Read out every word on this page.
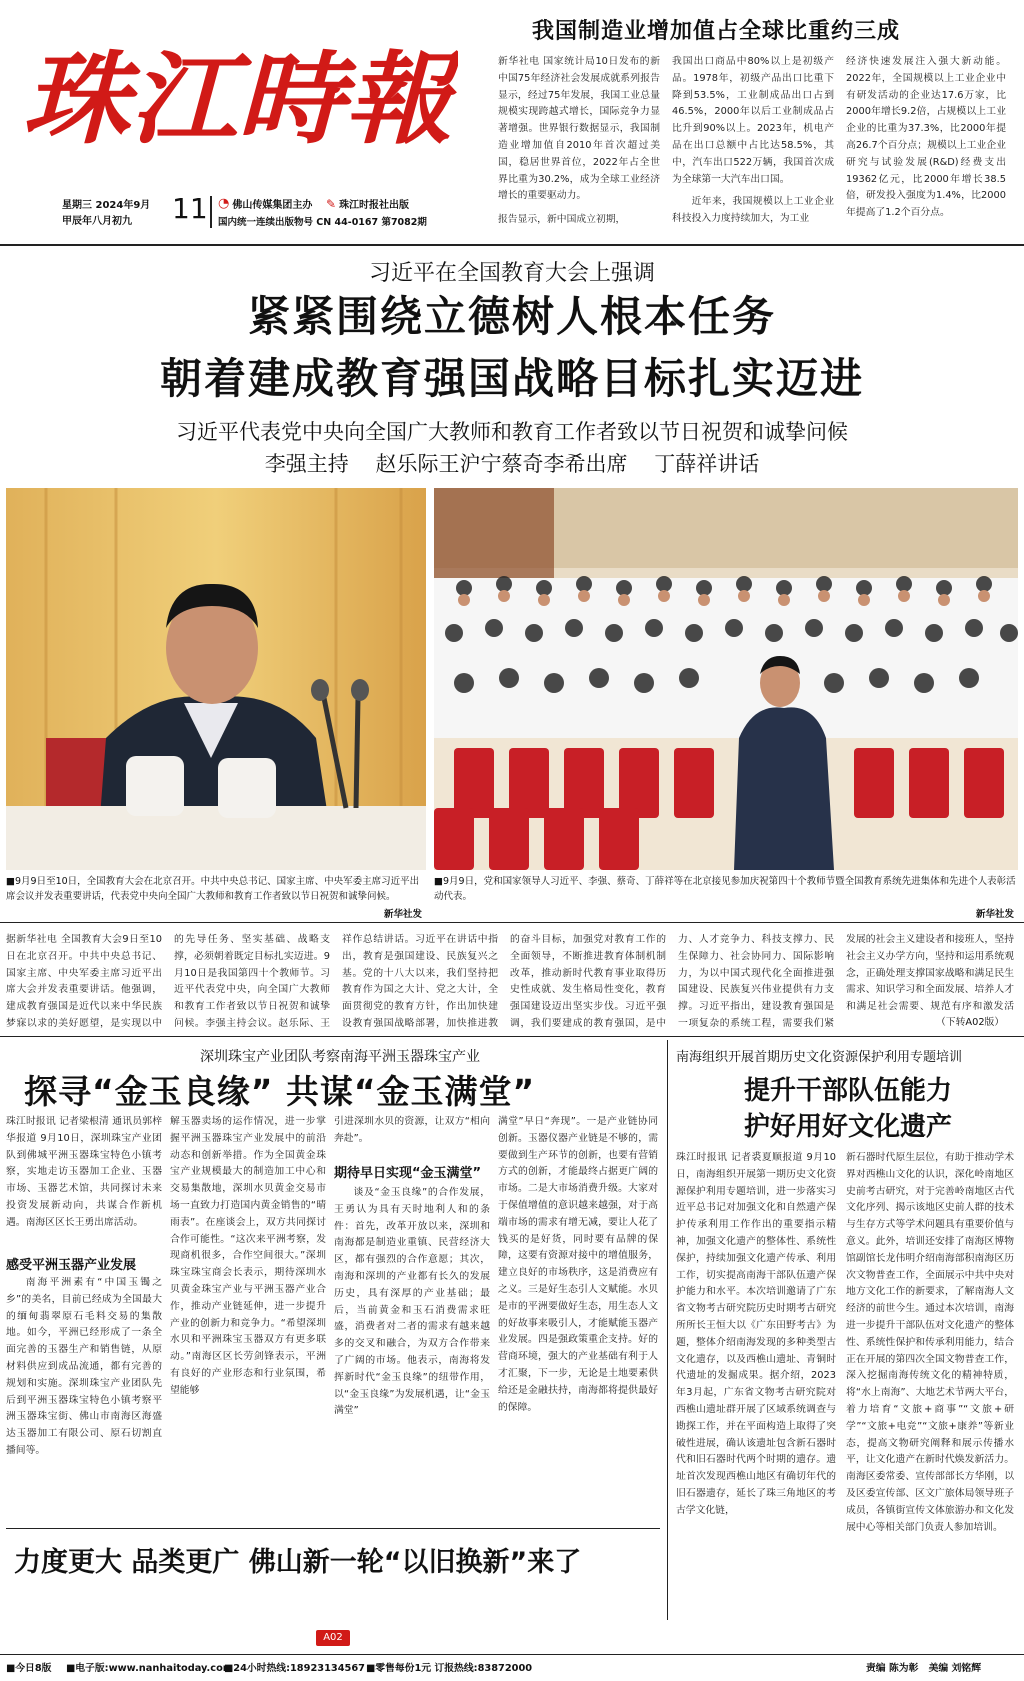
珠江時報
星期三 2024年9月
甲辰年八月初九 11 ◔ 佛山传媒集团主办 ✎ 珠江时报社出版
国内统一连续出版物号 CN 44-0167 第7082期
我国制造业增加值占全球比重约三成

新华社电 国家统计局10日发布的新中国75年经济社会发展成就系列报告显示，经过75年发展，我国工业总量规模实现跨越式增长，国际竞争力显著增强。世界银行数据显示，我国制造业增加值自2010年首次超过美国，稳居世界首位，2022年占全世界比重为30.2%，成为全球工业经济增长的重要驱动力。

报告显示，新中国成立初期，

我国出口商品中80%以上是初级产品。1978年，初级产品出口比重下降到53.5%，工业制成品出口占到46.5%，2000年以后工业制成品占比升到90%以上。2023年，机电产品在出口总额中占比达58.5%，其中，汽车出口522万辆，我国首次成为全球第一大汽车出口国。

近年来，我国规模以上工业企业科技投入力度持续加大，为工业

经济快速发展注入强大新动能。2022年，全国规模以上工业企业中有研发活动的企业达17.6万家，比2000年增长9.2倍，占规模以上工业企业的比重为37.3%，比2000年提高26.7个百分点；规模以上工业企业研究与试验发展(R&D)经费支出19362亿元，比2000年增长38.5倍，研发投入强度为1.4%，比2000年提高了1.2个百分点。

习近平在全国教育大会上强调
紧紧围绕立德树人根本任务
朝着建成教育强国战略目标扎实迈进
习近平代表党中央向全国广大教师和教育工作者致以节日祝贺和诚挚问候
李强主持    赵乐际王沪宁蔡奇李希出席    丁薛祥讲话
■9月9日至10日，全国教育大会在北京召开。中共中央总书记、国家主席、中央军委主席习近平出席会议并发表重要讲话，代表党中央向全国广大教师和教育工作者致以节日祝贺和诚挚问候。
新华社发
■9月9日，党和国家领导人习近平、李强、蔡奇、丁薛祥等在北京接见参加庆祝第四十个教师节暨全国教育系统先进集体和先进个人表彰活动代表。
新华社发

据新华社电 全国教育大会9日至10日在北京召开。中共中央总书记、国家主席、中央军委主席习近平出席大会并发表重要讲话。他强调，建成教育强国是近代以来中华民族梦寐以求的美好愿望，是实现以中

的先导任务、坚实基础、战略支撑，必须朝着既定目标扎实迈进。9月10日是我国第四十个教师节。习近平代表党中央，向全国广大教师和教育工作者致以节日祝贺和诚挚问候。李强主持会议。赵乐际、王

祥作总结讲话。习近平在讲话中指出，教育是强国建设、民族复兴之基。党的十八大以来，我们坚持把教育作为国之大计、党之大计，全面贯彻党的教育方针，作出加快建设教育强国战略部署，加快推进教

的奋斗目标，加强党对教育工作的全面领导，不断推进教育体制机制改革，推动新时代教育事业取得历史性成就、发生格局性变化，教育强国建设迈出坚实步伐。习近平强调，我们要建成的教育强国，是中

力、人才竞争力、科技支撑力、民生保障力、社会协同力、国际影响力，为以中国式现代化全面推进强国建设、民族复兴伟业提供有力支撑。习近平指出，建设教育强国是一项复杂的系统工程，需要我们紧

发展的社会主义建设者和接班人，坚持社会主义办学方向，坚持和运用系统观念，正确处理支撑国家战略和满足民生需求、知识学习和全面发展、培养人才和满足社会需要、规范有序和激发活

（下转A02版）
深圳珠宝产业团队考察南海平洲玉器珠宝产业
探寻“金玉良缘” 共谋“金玉满堂”

珠江时报讯 记者梁根清 通讯员郭梓华报道 9月10日，深圳珠宝产业团队到佛城平洲玉器珠宝特色小镇考察，实地走访玉器加工企业、玉器市场、玉器艺术馆，共同探讨未来投资发展新动向，共谋合作新机遇。南海区区长王勇出席活动。

感受平洲玉器产业发展

南海平洲素有“中国玉镯之乡”的美名，目前已经成为全国最大的缅甸翡翠原石毛料交易的集散地。如今，平洲已经形成了一条全面完善的玉器生产和销售链，从原材料供应到成品流通，都有完善的规划和实施。深圳珠宝产业团队先后到平洲玉器珠宝特色小镇考察平洲玉器珠宝街、佛山市南海区海盛达玉器加工有限公司、原石切割直播间等。

解玉器卖场的运作情况，进一步掌握平洲玉器珠宝产业发展中的前沿动态和创新举措。作为全国黄金珠宝产业规模最大的制造加工中心和交易集散地，深圳水贝黄金交易市场一直致力打造国内黄金销售的“晴雨表”。在座谈会上，双方共同探讨合作可能性。“这次来平洲考察，发现商机很多，合作空间很大。”深圳珠宝珠宝商会长表示，期待深圳水贝黄金珠宝产业与平洲玉器产业合作，推动产业链延伸，进一步提升产业的创新力和竞争力。“希望深圳水贝和平洲珠宝玉器双方有更多联动。”南海区区长劳剑锋表示，平洲有良好的产业形态和行业氛围，希望能够

引进深圳水贝的资源，让双方“相向奔赴”。

期待早日实现“金玉满堂”

谈及“金玉良缘”的合作发展，王勇认为具有天时地利人和的条件：首先，改革开放以来，深圳和南海都是制造业重镇、民营经济大区，都有强烈的合作意愿；其次，南海和深圳的产业都有长久的发展历史，具有深厚的产业基础；最后，当前黄金和玉石消费需求旺盛，消费者对二者的需求有越来越多的交叉和融合，为双方合作带来了广阔的市场。他表示，南海将发挥新时代“金玉良缘”的纽带作用，以“金玉良缘”为发展机遇，让“金玉满堂”

满堂”早日“奔现”。一是产业链协同创新。玉器仪器产业链是不够的，需要做到生产环节的创新，也要有营销方式的创新，才能最终占据更广阔的市场。二是大市场消费升级。大家对于保值增值的意识越来越强，对于高端市场的需求有增无减，要让人花了钱买的是好货，同时要有品牌的保障，这要有资源对接中的增值服务，建立良好的市场秩序，这是消费应有之义。三是好生态引人文赋能。水贝是市的平洲要做好生态，用生态人文的好故事来吸引人，才能赋能玉器产业发展。四是强政策重企支持。好的营商环境，强大的产业基础有利于人才汇聚，下一步，无论是土地要素供给还是金融扶持，南海都将提供最好的保障。

南海组织开展首期历史文化资源保护利用专题培训
提升干部队伍能力
护好用好文化遗产

珠江时报讯 记者裘夏顺报道 9月10日，南海组织开展第一期历史文化资源保护利用专题培训，进一步落实习近平总书记对加强文化和自然遗产保护传承利用工作作出的重要指示精神，加强文化遗产的整体性、系统性保护，持续加强文化遗产传承、利用工作，切实提高南海干部队伍遗产保护能力和水平。本次培训邀请了广东省文物考古研究院历史时期考古研究所所长王恒大以《广东田野考古》为题，整体介绍南海发现的多种类型古文化遗存，以及西樵山遗址、青铜时代遗址的发掘成果。据介绍，2023年3月起，广东省文物考古研究院对西樵山遗址群开展了区域系统调查与勘探工作，并在平面构造上取得了突破性进展，确认该遗址包含新石器时代和旧石器时代两个时期的遗存。遗址首次发现西樵山地区有确切年代的旧石器遗存，延长了珠三角地区的考古学文化链，

新石器时代原生层位，有助于推动学术界对西樵山文化的认识，深化岭南地区史前考古研究，对于完善岭南地区古代文化序列、揭示该地区史前人群的技术与生存方式等学术问题具有重要价值与意义。此外，培训还安排了南海区博物馆副馆长龙伟明介绍南海部积南海区历次文物普查工作，全面展示中共中央对地方文化工作的新要求，了解南海人文经济的前世今生。通过本次培训，南海进一步提升干部队伍对文化遗产的整体性、系统性保护和传承利用能力，结合正在开展的第四次全国文物普查工作，深入挖掘南海传统文化的精神特质，将“水上南海”、大地艺术节两大平台，着力培育“文旅+商事”“文旅+研学”“文旅+电竞”“文旅+康养”等新业态，提高文物研究阐释和展示传播水平，让文化遗产在新时代焕发新活力。南海区委常委、宣传部部长方华刚，以及区委宣传部、区文广旅体局领导班子成员，各镇街宣传文体旅游办和文化发展中心等相关部门负责人参加培训。

力度更大 品类更广 佛山新一轮“以旧换新”来了
A02
■今日8版 ■电子版:www.nanhaitoday.com
■24小时热线:18923134567 ■零售每份1元 订报热线:83872000	责编 陈为彰   美编 刘铭辉
